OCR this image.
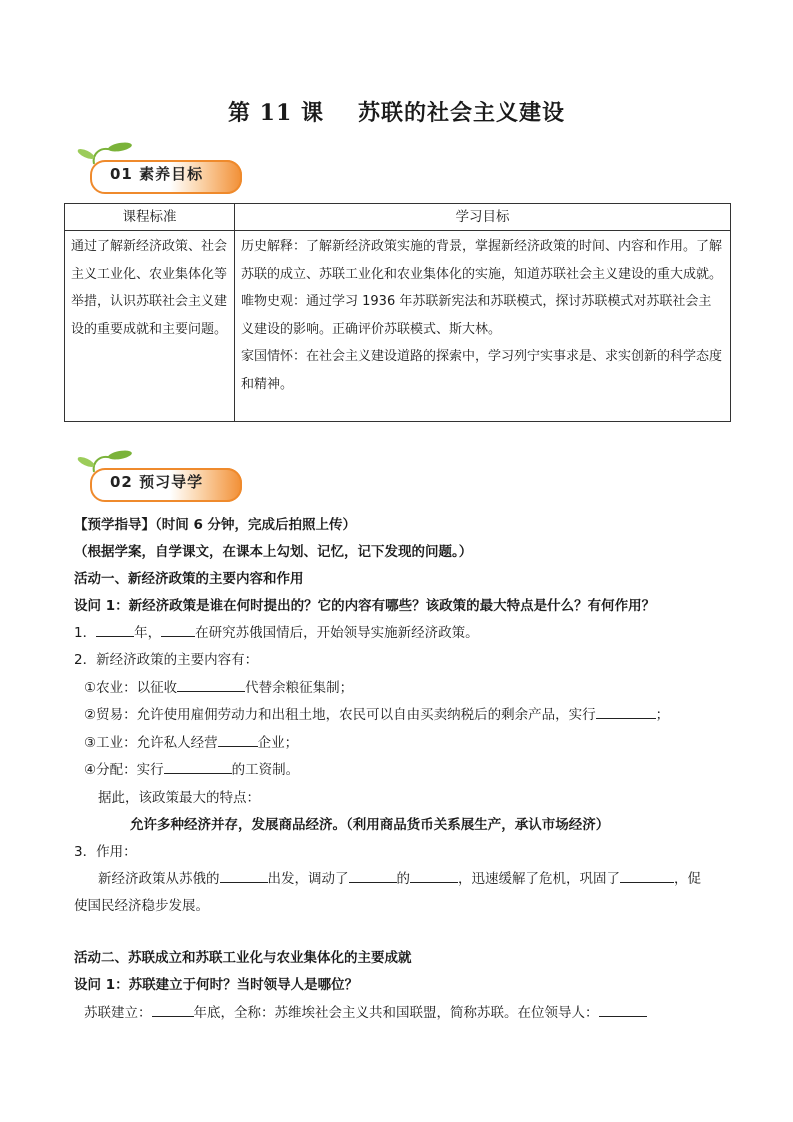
第 11 课 苏联的社会主义建设
01 素养目标
课程标准	学习目标
通过了解新经济政策、社会主义工业化、农业集体化等举措，认识苏联社会主义建设的重要成就和主要问题。	历史解释：了解新经济政策实施的背景，掌握新经济政策的时间、内容和作用。了解苏联的成立、苏联工业化和农业集体化的实施，知道苏联社会主义建设的重大成就。
唯物史观：通过学习 1936 年苏联新宪法和苏联模式，探讨苏联模式对苏联社会主义建设的影响。正确评价苏联模式、斯大林。
家国情怀：在社会主义建设道路的探索中，学习列宁实事求是、求实创新的科学态度和精神。
02 预习导学
【预学指导】（时间 6 分钟，完成后拍照上传）
（根据学案，自学课文，在课本上勾划、记忆，记下发现的问题。）
活动一、新经济政策的主要内容和作用
设问 1：新经济政策是谁在何时提出的？它的内容有哪些？该政策的最大特点是什么？有何作用？
1．	年，	在研究苏俄国情后，开始领导实施新经济政策。
2．新经济政策的主要内容有：
①农业：以征收	代替余粮征集制；
②贸易：允许使用雇佣劳动力和出租土地，农民可以自由买卖纳税后的剩余产品，实行	；
③工业：允许私人经营	企业；
④分配：实行	的工资制。
据此，该政策最大的特点：
允许多种经济并存，发展商品经济。（利用商品货币关系展生产，承认市场经济）
3．作用：
新经济政策从苏俄的	出发，调动了	的	，迅速缓解了危机，巩固了	，促
使国民经济稳步发展。
活动二、苏联成立和苏联工业化与农业集体化的主要成就
设问 1：苏联建立于何时？当时领导人是哪位？
苏联建立：	年底，全称：苏维埃社会主义共和国联盟，简称苏联。在位领导人：
